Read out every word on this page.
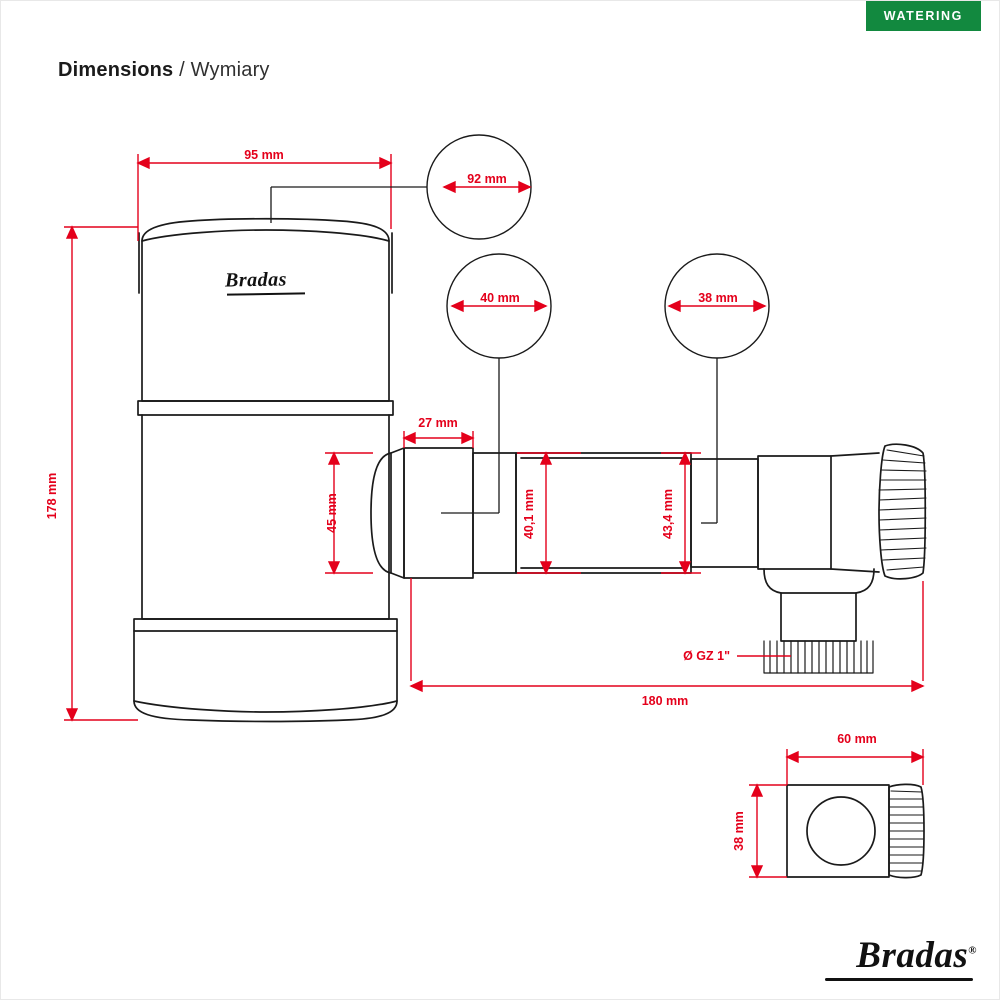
WATERING
Dimensions / Wymiary
95 mm
92 mm
40 mm	38 mm
178 mm
27 mm
45 mm	40,1 mm	43,4 mm
Ø GZ 1"
180 mm
60 mm
38 mm
Bradas
Bradas®
